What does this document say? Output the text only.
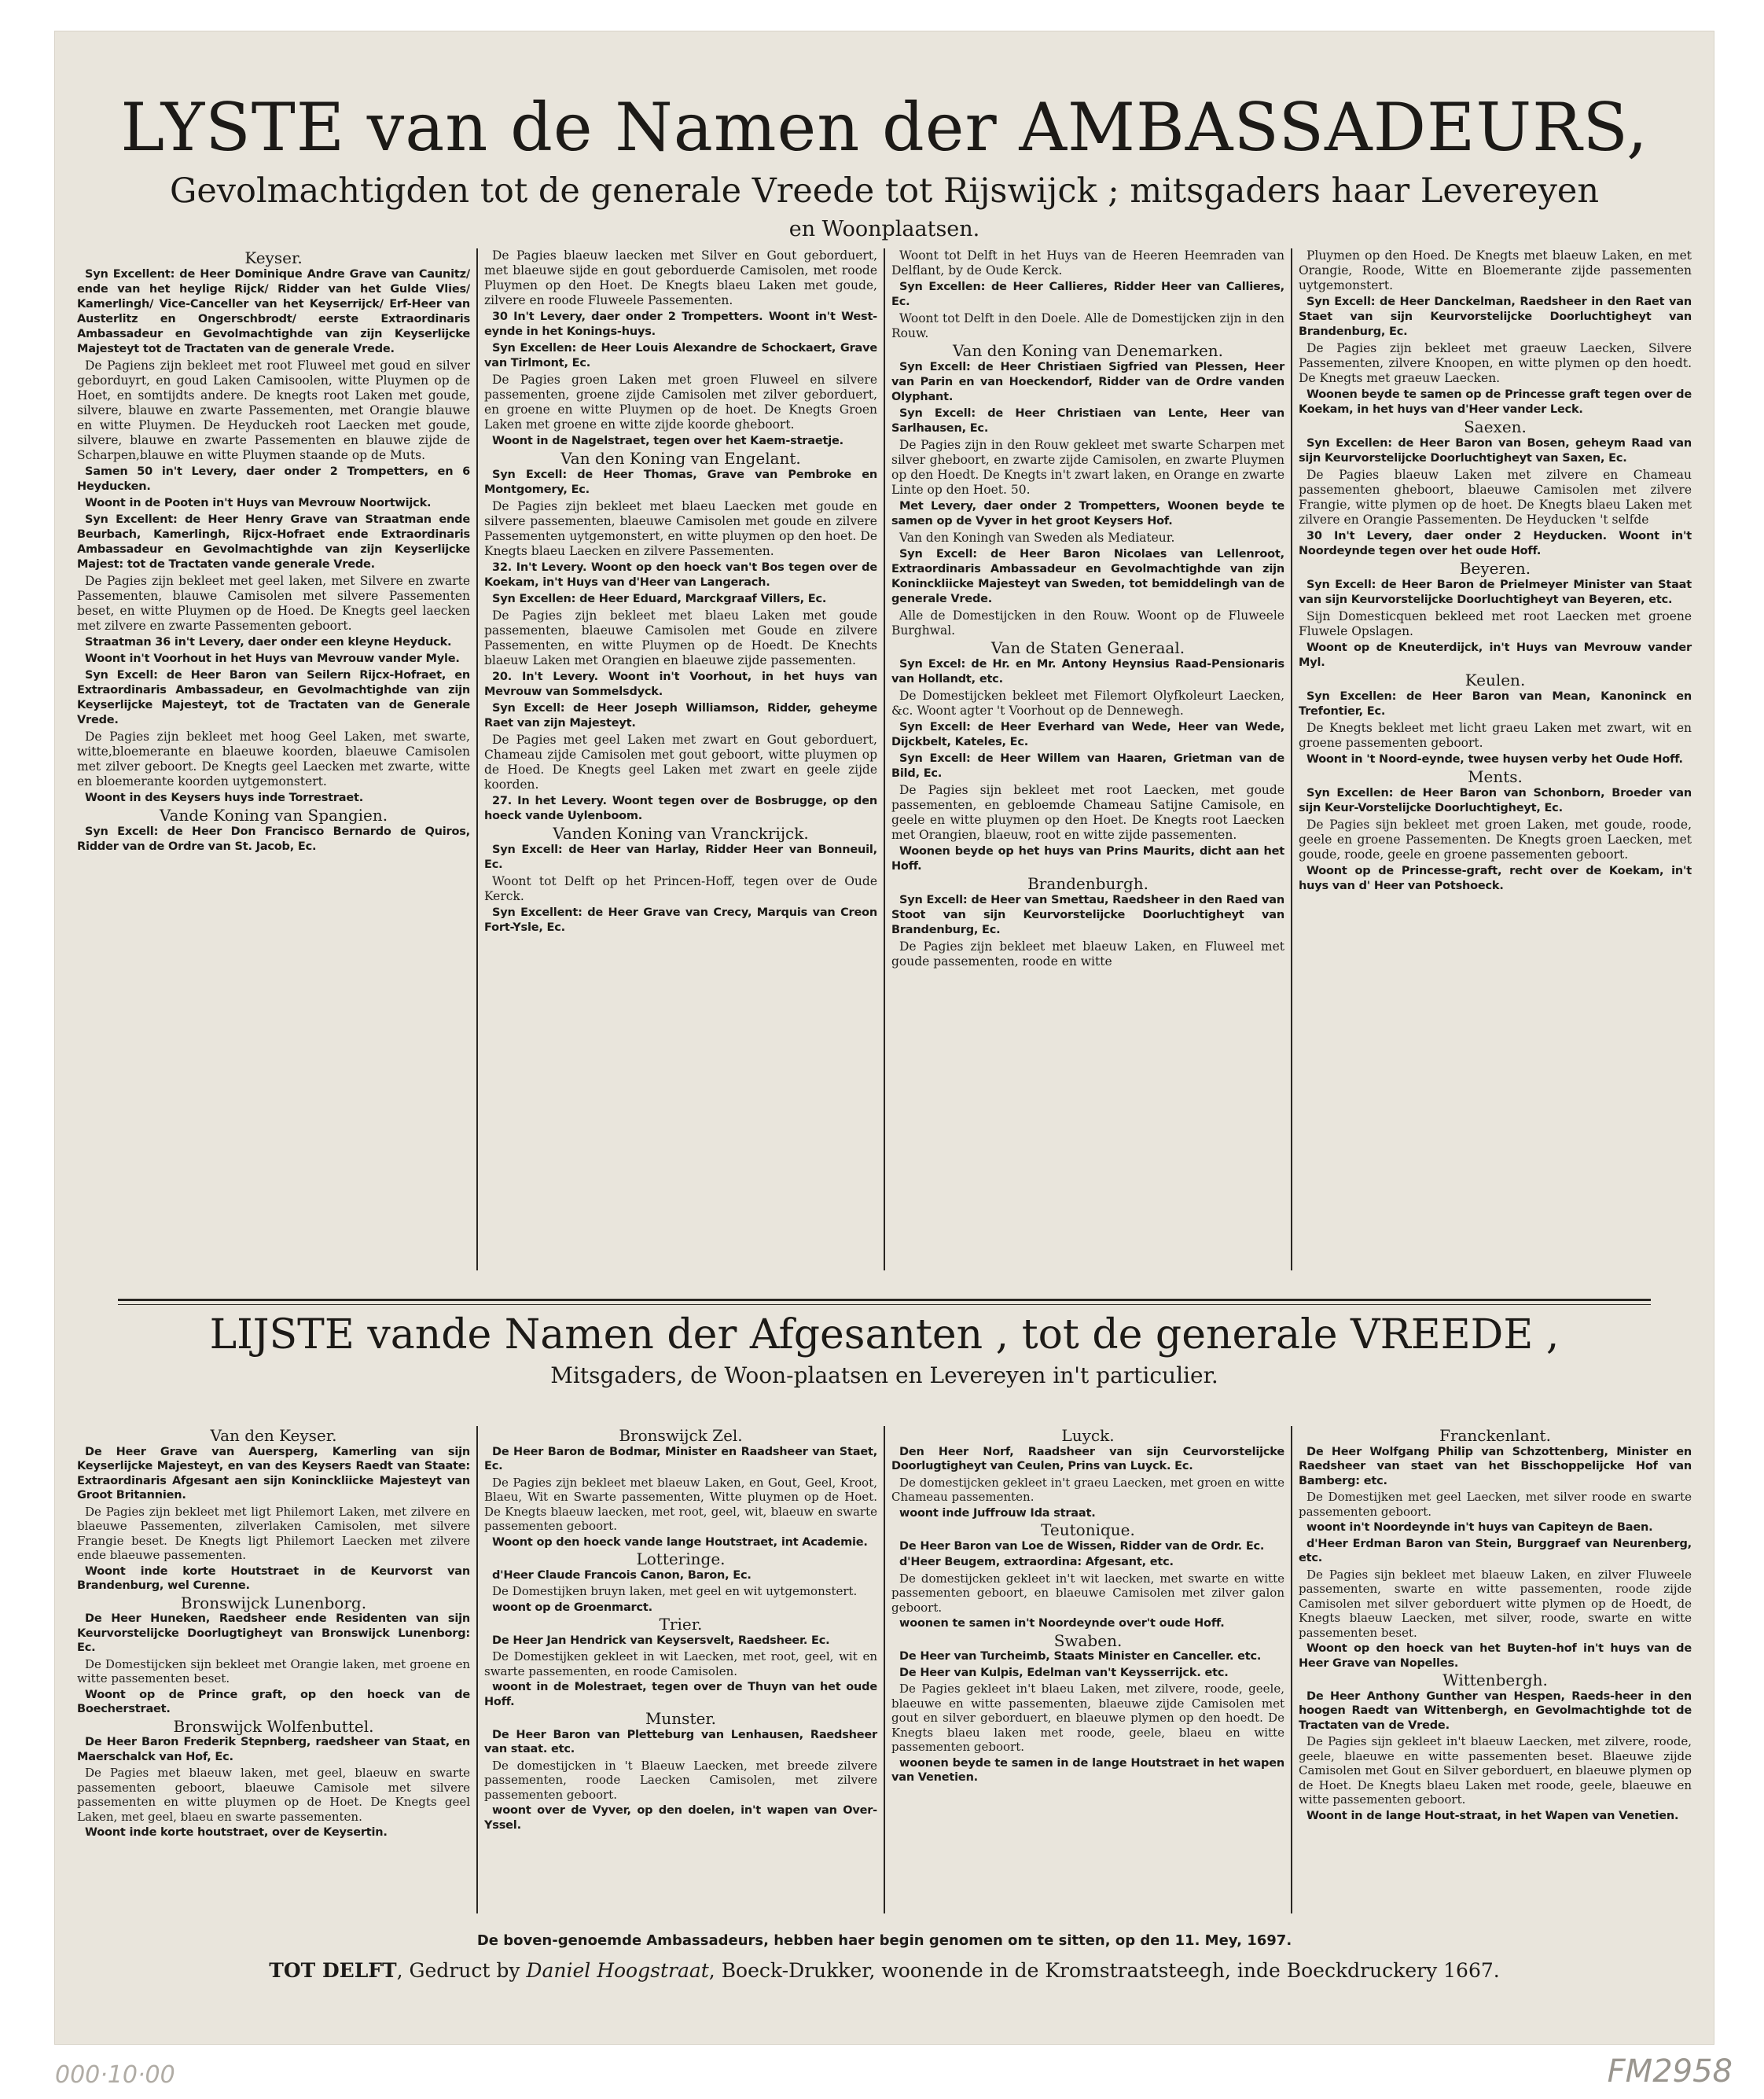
LYSTE van de Namen der AMBASSADEURS,
Gevolmachtigden tot de generale Vreede tot Rijswijck ; mitsgaders haar Levereyen
en Woonplaatsen.

Keyser.

Syn Excellent: de Heer Dominique Andre Grave van Caunitz/ ende van het heylige Rijck/ Ridder van het Gulde Vlies/ Kamerlingh/ Vice-Canceller van het Keyserrijck/ Erf-Heer van Austerlitz en Ongerschbrodt/ eerste Extraordinaris Ambassadeur en Gevolmachtighde van zijn Keyserlijcke Majesteyt tot de Tractaten van de generale Vrede.

De Pagiens zijn bekleet met root Fluweel met goud en silver geborduyrt, en goud Laken Camisoolen, witte Pluymen op de Hoet, en somtijdts andere. De knegts root Laken met goude, silvere, blauwe en zwarte Passementen, met Orangie blauwe en witte Pluymen. De Heyduckeh root Laecken met goude, silvere, blauwe en zwarte Passementen en blauwe zijde de Scharpen,blauwe en witte Pluymen staande op de Muts.

Samen 50 in't Levery, daer onder 2 Trompetters, en 6 Heyducken.

Woont in de Pooten in't Huys van Mevrouw Noortwijck.

Syn Excellent: de Heer Henry Grave van Straatman ende Beurbach, Kamerlingh, Rijcx-Hofraet ende Extraordinaris Ambassadeur en Gevolmachtighde van zijn Keyserlijcke Majest: tot de Tractaten vande generale Vrede.

De Pagies zijn bekleet met geel laken, met Silvere en zwarte Passementen, blauwe Camisolen met silvere Passementen beset, en witte Pluymen op de Hoed. De Knegts geel laecken met zilvere en zwarte Passementen geboort.

Straatman 36 in't Levery, daer onder een kleyne Heyduck.

Woont in't Voorhout in het Huys van Mevrouw vander Myle.

Syn Excell: de Heer Baron van Seilern Rijcx-Hofraet, en Extraordinaris Ambassadeur, en Gevolmachtighde van zijn Keyserlijcke Majesteyt, tot de Tractaten van de Generale Vrede.

De Pagies zijn bekleet met hoog Geel Laken, met swarte, witte,bloemerante en blaeuwe koorden, blaeuwe Camisolen met zilver geboort. De Knegts geel Laecken met zwarte, witte en bloemerante koorden uytgemonstert.

Woont in des Keysers huys inde Torrestraet.

Vande Koning van Spangien.

Syn Excell: de Heer Don Francisco Bernardo de Quiros, Ridder van de Ordre van St. Jacob, Ec.

De Pagies blaeuw laecken met Silver en Gout geborduert, met blaeuwe sijde en gout geborduerde Camisolen, met roode Pluymen op den Hoet. De Knegts blaeu Laken met goude, zilvere en roode Fluweele Passementen.

30 In't Levery, daer onder 2 Trompetters. Woont in't West-eynde in het Konings-huys.

Syn Excellen: de Heer Louis Alexandre de Schockaert, Grave van Tirlmont, Ec.

De Pagies groen Laken met groen Fluweel en silvere passementen, groene zijde Camisolen met zilver geborduert, en groene en witte Pluymen op de hoet. De Knegts Groen Laken met groene en witte zijde koorde gheboort.

Woont in de Nagelstraet, tegen over het Kaem-straetje.

Van den Koning van Engelant.

Syn Excell: de Heer Thomas, Grave van Pembroke en Montgomery, Ec.

De Pagies zijn bekleet met blaeu Laecken met goude en silvere passementen, blaeuwe Camisolen met goude en zilvere Passementen uytgemonstert, en witte pluymen op den hoet. De Knegts blaeu Laecken en zilvere Passementen.

32. In't Levery. Woont op den hoeck van't Bos tegen over de Koekam, in't Huys van d'Heer van Langerach.

Syn Excellen: de Heer Eduard, Marckgraaf Villers, Ec.

De Pagies zijn bekleet met blaeu Laken met goude passementen, blaeuwe Camisolen met Goude en zilvere Passementen, en witte Pluymen op de Hoedt. De Knechts blaeuw Laken met Orangien en blaeuwe zijde passementen.

20. In't Levery. Woont in't Voorhout, in het huys van Mevrouw van Sommelsdyck.

Syn Excell: de Heer Joseph Williamson, Ridder, geheyme Raet van zijn Majesteyt.

De Pagies met geel Laken met zwart en Gout geborduert, Chameau zijde Camisolen met gout geboort, witte pluymen op de Hoed. De Knegts geel Laken met zwart en geele zijde koorden.

27. In het Levery. Woont tegen over de Bosbrugge, op den hoeck vande Uylenboom.

Vanden Koning van Vranckrijck.

Syn Excell: de Heer van Harlay, Ridder Heer van Bonneuil, Ec.

Woont tot Delft op het Princen-Hoff, tegen over de Oude Kerck.

Syn Excellent: de Heer Grave van Crecy, Marquis van Creon Fort-Ysle, Ec.

Woont tot Delft in het Huys van de Heeren Heemraden van Delflant, by de Oude Kerck.

Syn Excellen: de Heer Callieres, Ridder Heer van Callieres, Ec.

Woont tot Delft in den Doele. Alle de Domestijcken zijn in den Rouw.

Van den Koning van Denemarken.

Syn Excell: de Heer Christiaen Sigfried van Plessen, Heer van Parin en van Hoeckendorf, Ridder van de Ordre vanden Olyphant.

Syn Excell: de Heer Christiaen van Lente, Heer van Sarlhausen, Ec.

De Pagies zijn in den Rouw gekleet met swarte Scharpen met silver gheboort, en zwarte zijde Camisolen, en zwarte Pluymen op den Hoedt. De Knegts in't zwart laken, en Orange en zwarte Linte op den Hoet. 50.

Met Levery, daer onder 2 Trompetters, Woonen beyde te samen op de Vyver in het groot Keysers Hof.

Van den Koningh van Sweden als Mediateur.

Syn Excell: de Heer Baron Nicolaes van Lellenroot, Extraordinaris Ambassadeur en Gevolmachtighde van zijn Koninckliicke Majesteyt van Sweden, tot bemiddelingh van de generale Vrede.

Alle de Domestijcken in den Rouw. Woont op de Fluweele Burghwal.

Van de Staten Generaal.

Syn Excel: de Hr. en Mr. Antony Heynsius Raad-Pensionaris van Hollandt, etc.

De Domestijcken bekleet met Filemort Olyfkoleurt Laecken, &c. Woont agter 't Voorhout op de Dennewegh.

Syn Excell: de Heer Everhard van Wede, Heer van Wede, Dijckbelt, Kateles, Ec.

Syn Excell: de Heer Willem van Haaren, Grietman van de Bild, Ec.

De Pagies sijn bekleet met root Laecken, met goude passementen, en gebloemde Chameau Satijne Camisole, en geele en witte pluymen op den Hoet. De Knegts root Laecken met Orangien, blaeuw, root en witte zijde passementen.

Woonen beyde op het huys van Prins Maurits, dicht aan het Hoff.

Brandenburgh.

Syn Excell: de Heer van Smettau, Raedsheer in den Raed van Stoot van sijn Keurvorstelijcke Doorluchtigheyt van Brandenburg, Ec.

De Pagies zijn bekleet met blaeuw Laken, en Fluweel met goude passementen, roode en witte

Pluymen op den Hoed. De Knegts met blaeuw Laken, en met Orangie, Roode, Witte en Bloemerante zijde passementen uytgemonstert.

Syn Excell: de Heer Danckelman, Raedsheer in den Raet van Staet van sijn Keurvorstelijcke Doorluchtigheyt van Brandenburg, Ec.

De Pagies zijn bekleet met graeuw Laecken, Silvere Passementen, zilvere Knoopen, en witte plymen op den hoedt. De Knegts met graeuw Laecken.

Woonen beyde te samen op de Princesse graft tegen over de Koekam, in het huys van d'Heer vander Leck.

Saexen.

Syn Excellen: de Heer Baron van Bosen, geheym Raad van sijn Keurvorstelijcke Doorluchtigheyt van Saxen, Ec.

De Pagies blaeuw Laken met zilvere en Chameau passementen gheboort, blaeuwe Camisolen met zilvere Frangie, witte plymen op de hoet. De Knegts blaeu Laken met zilvere en Orangie Passementen. De Heyducken 't selfde

30 In't Levery, daer onder 2 Heyducken. Woont in't Noordeynde tegen over het oude Hoff.

Beyeren.

Syn Excell: de Heer Baron de Prielmeyer Minister van Staat van sijn Keurvorstelijcke Doorluchtigheyt van Beyeren, etc.

Sijn Domesticquen bekleed met root Laecken met groene Fluwele Opslagen.

Woont op de Kneuterdijck, in't Huys van Mevrouw vander Myl.

Keulen.

Syn Excellen: de Heer Baron van Mean, Kanoninck en Trefontier, Ec.

De Knegts bekleet met licht graeu Laken met zwart, wit en groene passementen geboort.

Woont in 't Noord-eynde, twee huysen verby het Oude Hoff.

Ments.

Syn Excellen: de Heer Baron van Schonborn, Broeder van sijn Keur-Vorstelijcke Doorluchtigheyt, Ec.

De Pagies sijn bekleet met groen Laken, met goude, roode, geele en groene Passementen. De Knegts groen Laecken, met goude, roode, geele en groene passementen geboort.

Woont op de Princesse-graft, recht over de Koekam, in't huys van d' Heer van Potshoeck.

LIJSTE vande Namen der Afgesanten , tot de generale VREEDE ,
Mitsgaders, de Woon-plaatsen en Levereyen in't particulier.

Van den Keyser.

De Heer Grave van Auersperg, Kamerling van sijn Keyserlijcke Majesteyt, en van des Keysers Raedt van Staate: Extraordinaris Afgesant aen sijn Koninckliicke Majesteyt van Groot Britannien.

De Pagies zijn bekleet met ligt Philemort Laken, met zilvere en blaeuwe Passementen, zilverlaken Camisolen, met silvere Frangie beset. De Knegts ligt Philemort Laecken met zilvere ende blaeuwe passementen.

Woont inde korte Houtstraet in de Keurvorst van Brandenburg, wel Curenne.

Bronswijck Lunenborg.

De Heer Huneken, Raedsheer ende Residenten van sijn Keurvorstelijcke Doorlugtigheyt van Bronswijck Lunenborg: Ec.

De Domestijcken sijn bekleet met Orangie laken, met groene en witte passementen beset.

Woont op de Prince graft, op den hoeck van de Boecherstraet.

Bronswijck Wolfenbuttel.

De Heer Baron Frederik Stepnberg, raedsheer van Staat, en Maerschalck van Hof, Ec.

De Pagies met blaeuw laken, met geel, blaeuw en swarte passementen geboort, blaeuwe Camisole met silvere passementen en witte pluymen op de Hoet. De Knegts geel Laken, met geel, blaeu en swarte passementen.

Woont inde korte houtstraet, over de Keysertin.

Bronswijck Zel.

De Heer Baron de Bodmar, Minister en Raadsheer van Staet, Ec.

De Pagies zijn bekleet met blaeuw Laken, en Gout, Geel, Kroot, Blaeu, Wit en Swarte passementen, Witte pluymen op de Hoet. De Knegts blaeuw laecken, met root, geel, wit, blaeuw en swarte passementen geboort.

Woont op den hoeck vande lange Houtstraet, int Academie.

Lotteringe.

d'Heer Claude Francois Canon, Baron, Ec.

De Domestijken bruyn laken, met geel en wit uytgemonstert.

woont op de Groenmarct.

Trier.

De Heer Jan Hendrick van Keysersvelt, Raedsheer. Ec.

De Domestijken gekleet in wit Laecken, met root, geel, wit en swarte passementen, en roode Camisolen.

woont in de Molestraet, tegen over de Thuyn van het oude Hoff.

Munster.

De Heer Baron van Pletteburg van Lenhausen, Raedsheer van staat. etc.

De domestijcken in 't Blaeuw Laecken, met breede zilvere passementen, roode Laecken Camisolen, met zilvere passementen geboort.

woont over de Vyver, op den doelen, in't wapen van Over-Yssel.

Luyck.

Den Heer Norf, Raadsheer van sijn Ceurvorstelijcke Doorlugtigheyt van Ceulen, Prins van Luyck. Ec.

De domestijcken gekleet in't graeu Laecken, met groen en witte Chameau passementen.

woont inde Juffrouw Ida straat.

Teutonique.

De Heer Baron van Loe de Wissen, Ridder van de Ordr. Ec.

d'Heer Beugem, extraordina: Afgesant, etc.

De domestijcken gekleet in't wit laecken, met swarte en witte passementen geboort, en blaeuwe Camisolen met zilver galon geboort.

woonen te samen in't Noordeynde over't oude Hoff.

Swaben.

De Heer van Turcheimb, Staats Minister en Canceller. etc.

De Heer van Kulpis, Edelman van't Keysserrijck. etc.

De Pagies gekleet in't blaeu Laken, met zilvere, roode, geele, blaeuwe en witte passementen, blaeuwe zijde Camisolen met gout en silver geborduert, en blaeuwe plymen op den hoedt. De Knegts blaeu laken met roode, geele, blaeu en witte passementen geboort.

woonen beyde te samen in de lange Houtstraet in het wapen van Venetien.

Franckenlant.

De Heer Wolfgang Philip van Schzottenberg, Minister en Raedsheer van staet van het Bisschoppelijcke Hof van Bamberg: etc.

De Domestijken met geel Laecken, met silver roode en swarte passementen geboort.

woont in't Noordeynde in't huys van Capiteyn de Baen.

d'Heer Erdman Baron van Stein, Burggraef van Neurenberg, etc.

De Pagies sijn bekleet met blaeuw Laken, en zilver Fluweele passementen, swarte en witte passementen, roode zijde Camisolen met silver geborduert witte plymen op de Hoedt, de Knegts blaeuw Laecken, met silver, roode, swarte en witte passementen beset.

Woont op den hoeck van het Buyten-hof in't huys van de Heer Grave van Nopelles.

Wittenbergh.

De Heer Anthony Gunther van Hespen, Raeds-heer in den hoogen Raedt van Wittenbergh, en Gevolmachtighde tot de Tractaten van de Vrede.

De Pagies sijn gekleet in't blaeuw Laecken, met zilvere, roode, geele, blaeuwe en witte passementen beset. Blaeuwe zijde Camisolen met Gout en Silver geborduert, en blaeuwe plymen op de Hoet. De Knegts blaeu Laken met roode, geele, blaeuwe en witte passementen geboort.

Woont in de lange Hout-straat, in het Wapen van Venetien.

De boven-genoemde Ambassadeurs, hebben haer begin genomen om te sitten, op den 11. Mey, 1697.
TOT DELFT, Gedruct by Daniel Hoogstraat, Boeck-Drukker, woonende in de Kromstraatsteegh, inde Boeckdruckery 1667.
000·10·00	FM2958
